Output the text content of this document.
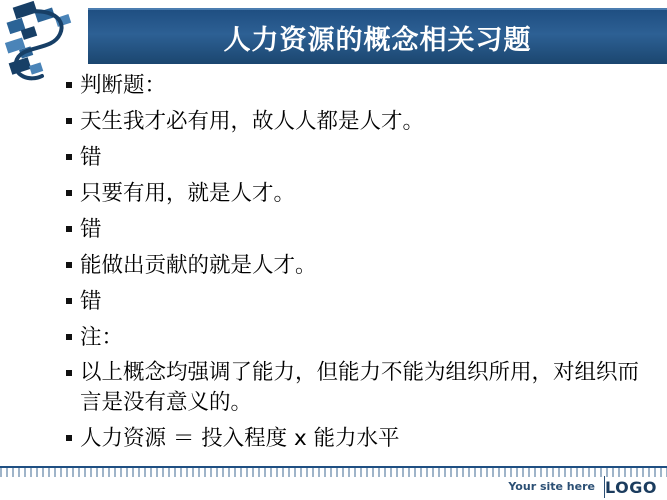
人力资源的概念相关习题
判断题：
天生我才必有用，故人人都是人才。
错
只要有用，就是人才。
错
能做出贡献的就是人才。
错
注：
以上概念均强调了能力，但能力不能为组织所用，对组织而言是没有意义的。
人力资源 ＝ 投入程度 x 能力水平
Your site here LOGO
